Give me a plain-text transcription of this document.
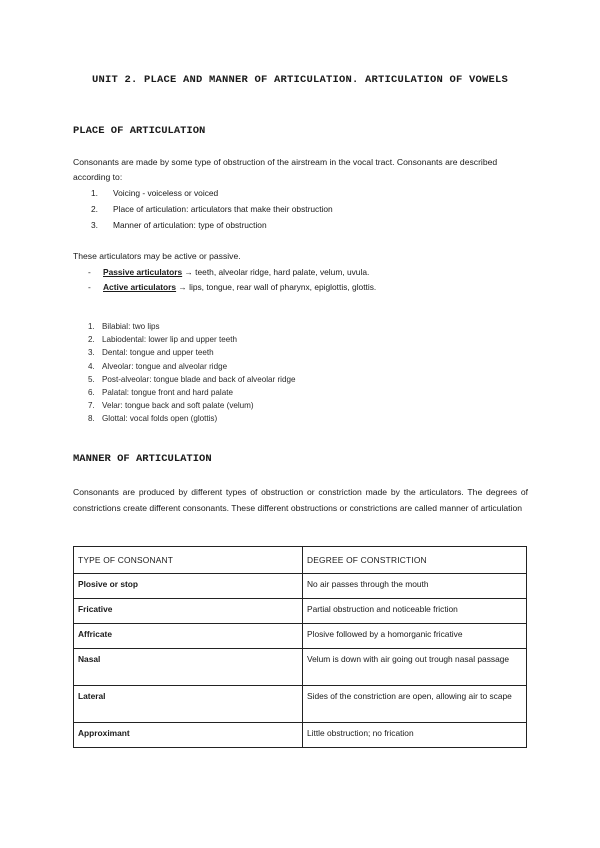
UNIT 2. PLACE AND MANNER OF ARTICULATION. ARTICULATION OF VOWELS
PLACE OF ARTICULATION
Consonants are made by some type of obstruction of the airstream in the vocal tract. Consonants are described according to:
1. Voicing - voiceless or voiced
2. Place of articulation: articulators that make their obstruction
3. Manner of articulation: type of obstruction
These articulators may be active or passive.
- Passive articulators → teeth, alveolar ridge, hard palate, velum, uvula.
- Active articulators → lips, tongue, rear wall of pharynx, epiglottis, glottis.
1. Bilabial: two lips
2. Labiodental: lower lip and upper teeth
3. Dental: tongue and upper teeth
4. Alveolar: tongue and alveolar ridge
5. Post-alveolar: tongue blade and back of alveolar ridge
6. Palatal: tongue front and hard palate
7. Velar: tongue back and soft palate (velum)
8. Glottal: vocal folds open (glottis)
MANNER OF ARTICULATION
Consonants are produced by different types of obstruction or constriction made by the articulators. The degrees of constrictions create different consonants. These different obstructions or constrictions are called manner of articulation
TYPE OF CONSONANT	DEGREE OF CONSTRICTION
Plosive or stop	No air passes through the mouth
Fricative	Partial obstruction and noticeable friction
Affricate	Plosive followed by a homorganic fricative
Nasal	Velum is down with air going out trough nasal passage
Lateral	Sides of the constriction are open, allowing air to scape
Approximant	Little obstruction; no frication
